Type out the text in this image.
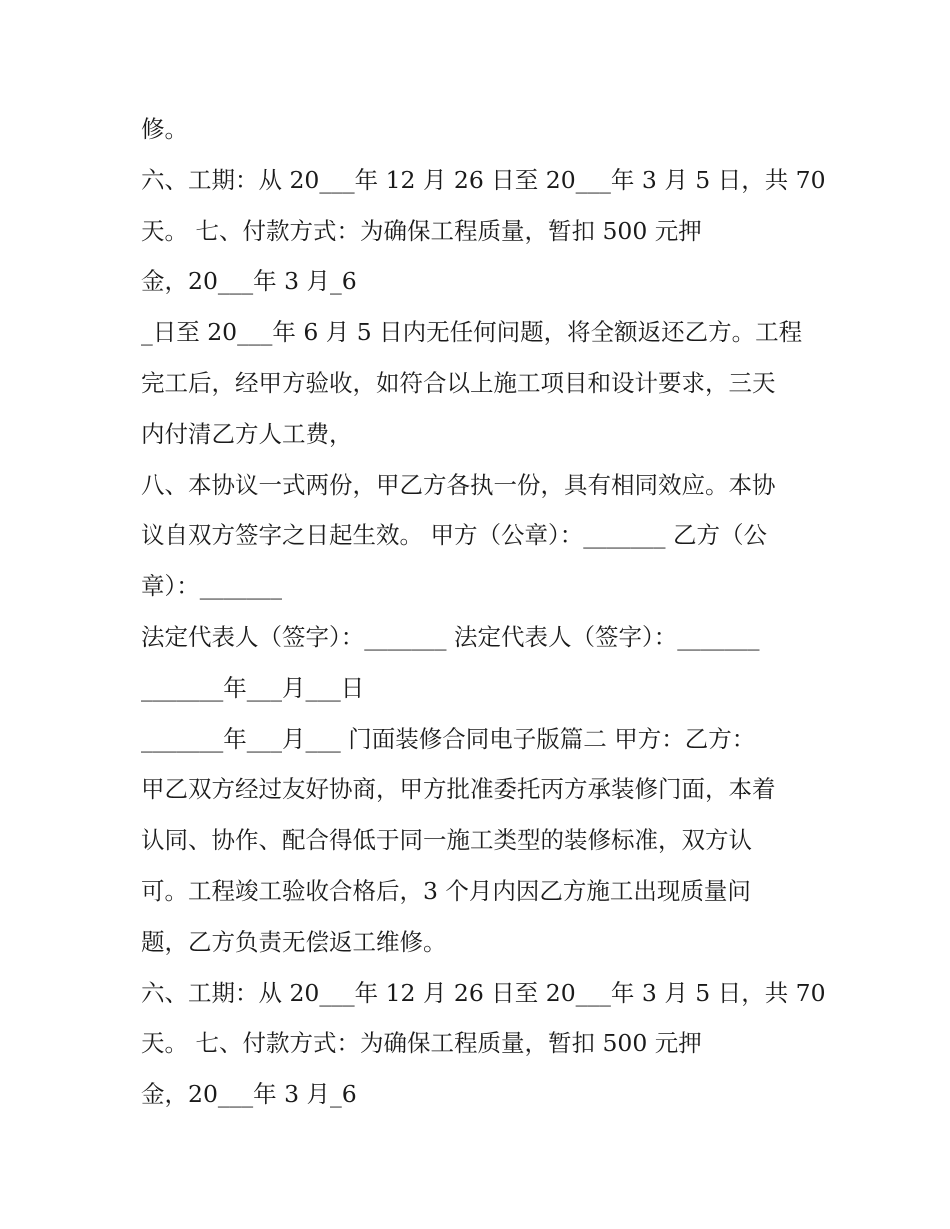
修。
六、工期：从 20___年 12 月 26 日至 20___年 3 月 5 日，共 70
天。 七、付款方式：为确保工程质量，暂扣 500 元押
金，20___年 3 月_6
_日至 20___年 6 月 5 日内无任何问题，将全额返还乙方。工程
完工后，经甲方验收，如符合以上施工项目和设计要求，三天
内付清乙方人工费，
八、本协议一式两份，甲乙方各执一份，具有相同效应。本协
议自双方签字之日起生效。 甲方（公章）：_______ 乙方（公
章）：_______
法定代表人（签字）：_______ 法定代表人（签字）：_______
_______年___月___日
_______年___月___ 门面装修合同电子版篇二 甲方：乙方：
甲乙双方经过友好协商，甲方批准委托丙方承装修门面，本着
认同、协作、配合得低于同一施工类型的装修标准，双方认
可。工程竣工验收合格后，3 个月内因乙方施工出现质量问
题，乙方负责无偿返工维修。
六、工期：从 20___年 12 月 26 日至 20___年 3 月 5 日，共 70
天。 七、付款方式：为确保工程质量，暂扣 500 元押
金，20___年 3 月_6
